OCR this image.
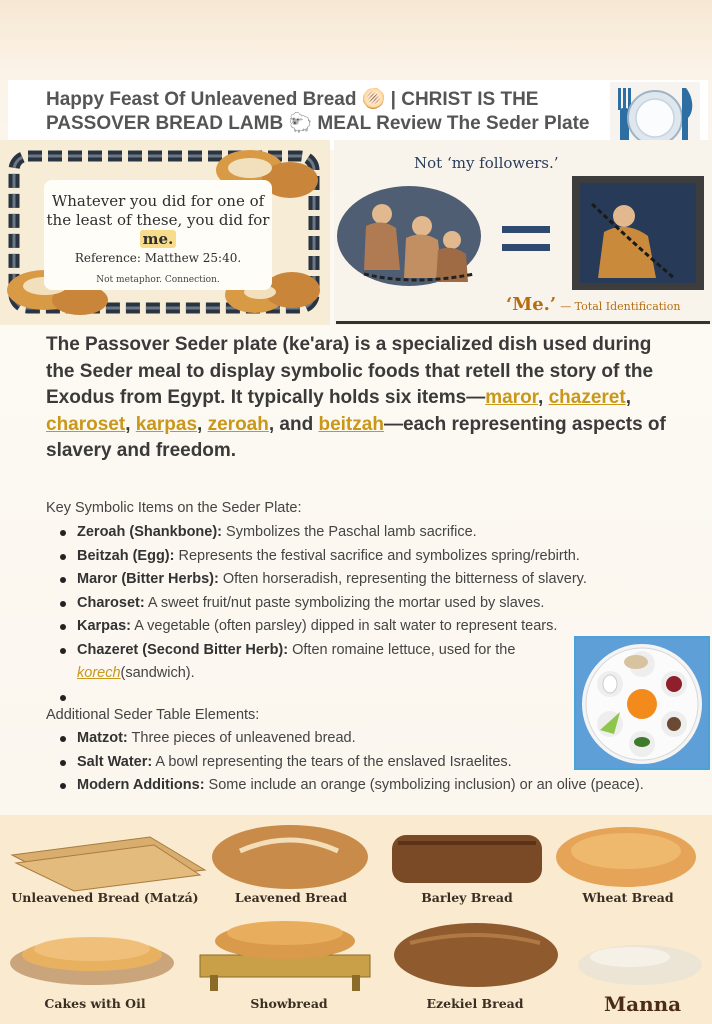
Happy Feast Of Unleavened Bread 🫓 | CHRIST IS THE PASSOVER BREAD LAMB 🐑 MEAL Review The Seder Plate
Whatever you did for one of the least of these, you did for me.
Reference: Matthew 25:40.
Not metaphor. Connection.
Not ‘my followers.’
‘Me.’ — Total Identification
The Passover Seder plate (ke'ara) is a specialized dish used during the Seder meal to display symbolic foods that retell the story of the Exodus from Egypt. It typically holds six items—maror, chazeret, charoset, karpas, zeroah, and beitzah—each representing aspects of slavery and freedom.
Key Symbolic Items on the Seder Plate:
Zeroah (Shankbone): Symbolizes the Paschal lamb sacrifice.
Beitzah (Egg): Represents the festival sacrifice and symbolizes spring/rebirth.
Maror (Bitter Herbs): Often horseradish, representing the bitterness of slavery.
Charoset: A sweet fruit/nut paste symbolizing the mortar used by slaves.
Karpas: A vegetable (often parsley) dipped in salt water to represent tears.
Chazeret (Second Bitter Herb): Often romaine lettuce, used for the korech(sandwich).

Additional Seder Table Elements:
Matzot: Three pieces of unleavened bread.
Salt Water: A bowl representing the tears of the enslaved Israelites.
Modern Additions: Some include an orange (symbolizing inclusion) or an olive (peace).
Unleavened Bread (Matzá)	Leavened Bread	Barley Bread	Wheat Bread
Cakes with Oil	Showbread	Ezekiel Bread	Manna
